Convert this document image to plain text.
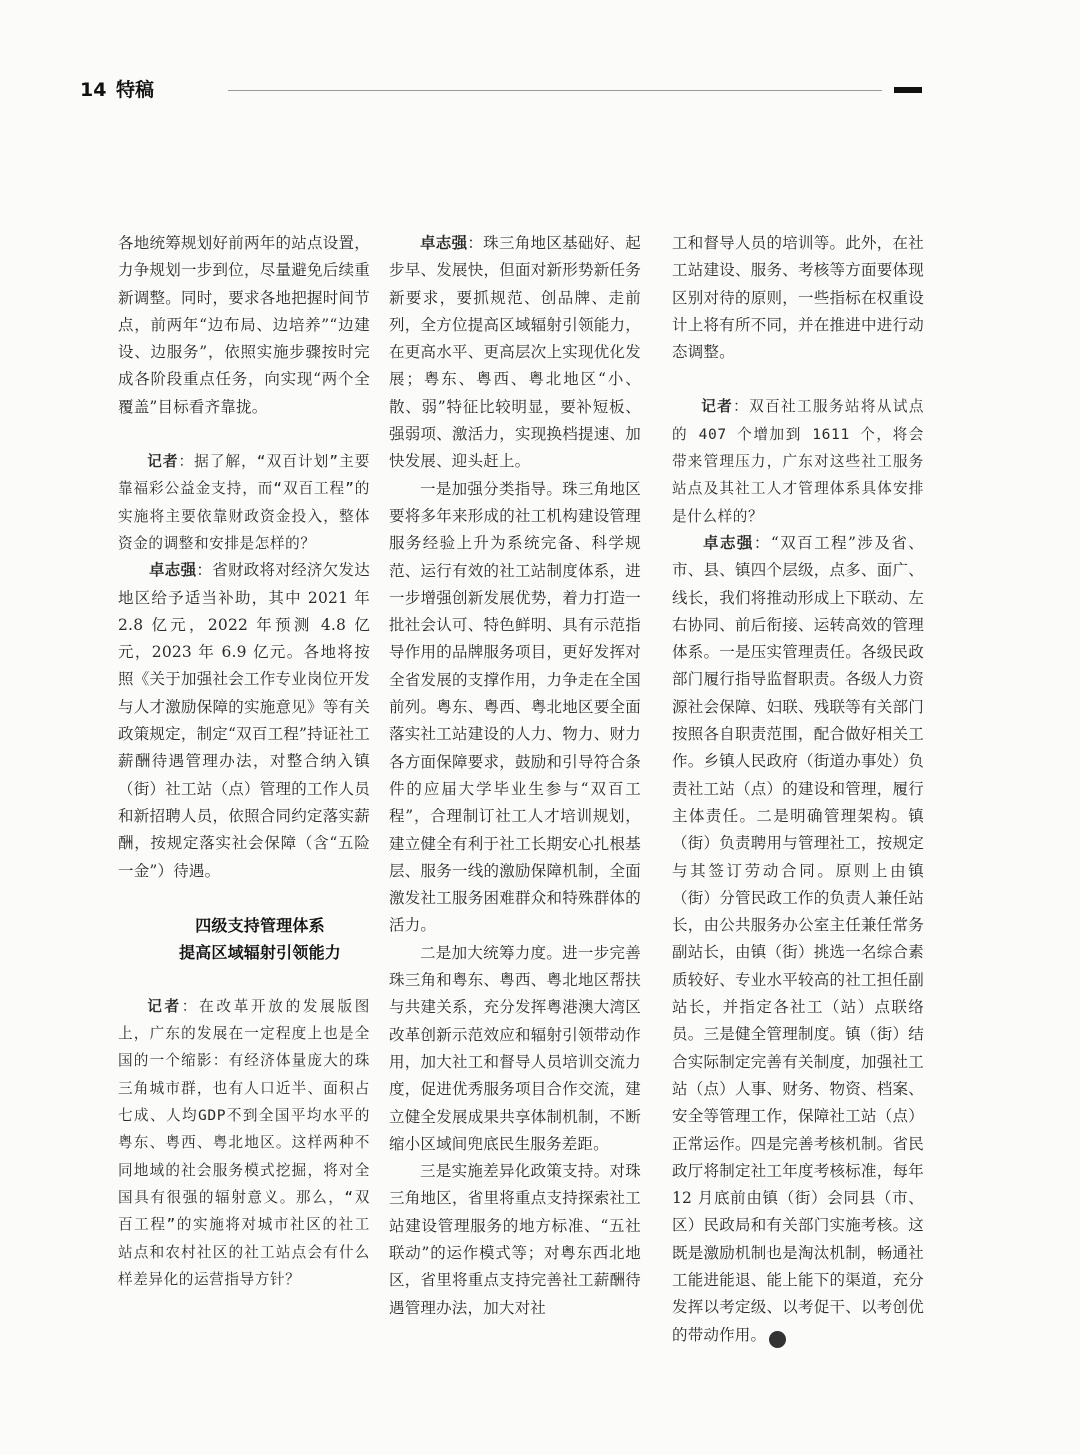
14 特稿

各地统筹规划好前两年的站点设置，力争规划一步到位，尽量避免后续重新调整。同时，要求各地把握时间节点，前两年“边布局、边培养”“边建设、边服务”，依照实施步骤按时完成各阶段重点任务，向实现“两个全覆盖”目标看齐靠拢。

记者：据了解，“双百计划”主要靠福彩公益金支持，而“双百工程”的实施将主要依靠财政资金投入，整体资金的调整和安排是怎样的？

卓志强：省财政将对经济欠发达地区给予适当补助，其中 2021 年 2.8 亿元，2022 年预测 4.8 亿元，2023 年 6.9 亿元。各地将按照《关于加强社会工作专业岗位开发与人才激励保障的实施意见》等有关政策规定，制定“双百工程”持证社工薪酬待遇管理办法，对整合纳入镇（街）社工站（点）管理的工作人员和新招聘人员，依照合同约定落实薪酬，按规定落实社会保障（含“五险一金”）待遇。

四级支持管理体系

提高区域辐射引领能力

记者：在改革开放的发展版图上，广东的发展在一定程度上也是全国的一个缩影：有经济体量庞大的珠三角城市群，也有人口近半、面积占七成、人均GDP不到全国平均水平的粤东、粤西、粤北地区。这样两种不同地域的社会服务模式挖掘，将对全国具有很强的辐射意义。那么，“双百工程”的实施将对城市社区的社工站点和农村社区的社工站点会有什么样差异化的运营指导方针？

卓志强：珠三角地区基础好、起步早、发展快，但面对新形势新任务新要求，要抓规范、创品牌、走前列，全方位提高区域辐射引领能力，在更高水平、更高层次上实现优化发展；粤东、粤西、粤北地区“小、散、弱”特征比较明显，要补短板、强弱项、激活力，实现换档提速、加快发展、迎头赶上。

一是加强分类指导。珠三角地区要将多年来形成的社工机构建设管理服务经验上升为系统完备、科学规范、运行有效的社工站制度体系，进一步增强创新发展优势，着力打造一批社会认可、特色鲜明、具有示范指导作用的品牌服务项目，更好发挥对全省发展的支撑作用，力争走在全国前列。粤东、粤西、粤北地区要全面落实社工站建设的人力、物力、财力各方面保障要求，鼓励和引导符合条件的应届大学毕业生参与“双百工程”，合理制订社工人才培训规划，建立健全有利于社工长期安心扎根基层、服务一线的激励保障机制，全面激发社工服务困难群众和特殊群体的活力。

二是加大统筹力度。进一步完善珠三角和粤东、粤西、粤北地区帮扶与共建关系，充分发挥粤港澳大湾区改革创新示范效应和辐射引领带动作用，加大社工和督导人员培训交流力度，促进优秀服务项目合作交流，建立健全发展成果共享体制机制，不断缩小区域间兜底民生服务差距。

三是实施差异化政策支持。对珠三角地区，省里将重点支持探索社工站建设管理服务的地方标准、“五社联动”的运作模式等；对粤东西北地区，省里将重点支持完善社工薪酬待遇管理办法，加大对社

工和督导人员的培训等。此外，在社工站建设、服务、考核等方面要体现区别对待的原则，一些指标在权重设计上将有所不同，并在推进中进行动态调整。

记者：双百社工服务站将从试点的 407 个增加到 1611 个，将会带来管理压力，广东对这些社工服务站点及其社工人才管理体系具体安排是什么样的？

卓志强：“双百工程”涉及省、市、县、镇四个层级，点多、面广、线长，我们将推动形成上下联动、左右协同、前后衔接、运转高效的管理体系。一是压实管理责任。各级民政部门履行指导监督职责。各级人力资源社会保障、妇联、残联等有关部门按照各自职责范围，配合做好相关工作。乡镇人民政府（街道办事处）负责社工站（点）的建设和管理，履行主体责任。二是明确管理架构。镇（街）负责聘用与管理社工，按规定与其签订劳动合同。原则上由镇（街）分管民政工作的负责人兼任站长，由公共服务办公室主任兼任常务副站长，由镇（街）挑选一名综合素质较好、专业水平较高的社工担任副站长，并指定各社工（站）点联络员。三是健全管理制度。镇（街）结合实际制定完善有关制度，加强社工站（点）人事、财务、物资、档案、安全等管理工作，保障社工站（点）正常运作。四是完善考核机制。省民政厅将制定社工年度考核标准，每年 12 月底前由镇（街）会同县（市、区）民政局和有关部门实施考核。这既是激励机制也是淘汰机制，畅通社工能进能退、能上能下的渠道，充分发挥以考定级、以考促干、以考创优的带动作用。	社
